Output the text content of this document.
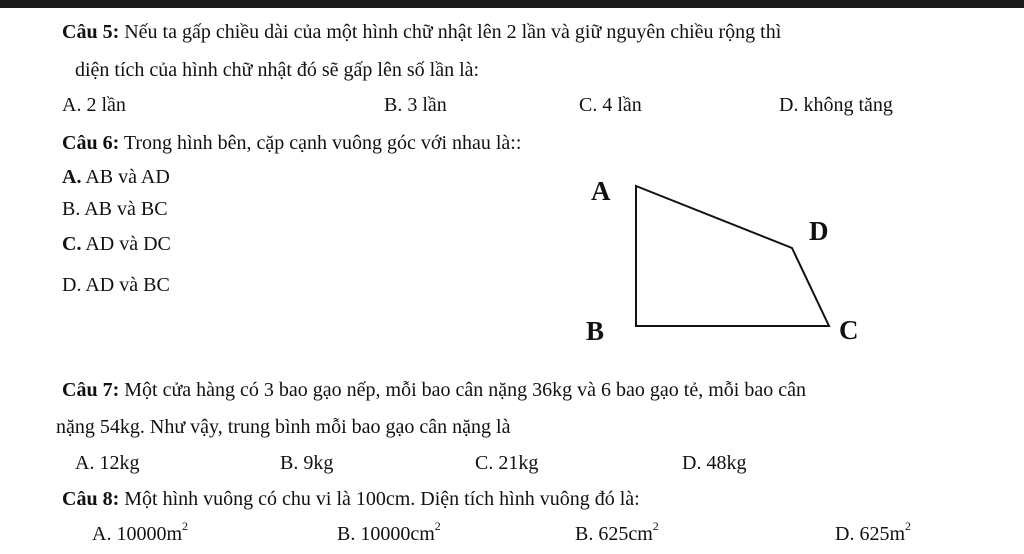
Câu 5: Nếu ta gấp chiều dài của một hình chữ nhật lên 2 lần và giữ nguyên chiều rộng thì
diện tích của hình chữ nhật đó sẽ gấp lên số lần là:
A. 2 lần	B. 3 lần	C. 4 lần	D. không tăng
Câu 6: Trong hình bên, cặp cạnh vuông góc với nhau là::
A. AB và AD
B. AB và BC
C. AD và DC
D. AD và BC
A
D
B	C
Câu 7: Một cửa hàng có 3 bao gạo nếp, mỗi bao cân nặng 36kg và 6 bao gạo tẻ, mỗi bao cân
nặng 54kg. Như vậy, trung bình mỗi bao gạo cân nặng là
A. 12kg	B. 9kg	C. 21kg	D. 48kg
Câu 8: Một hình vuông có chu vi là 100cm. Diện tích hình vuông đó là:
A. $10000m^2$	B. $10000cm^2$	B. $625cm^2$	D. $625m^2$
